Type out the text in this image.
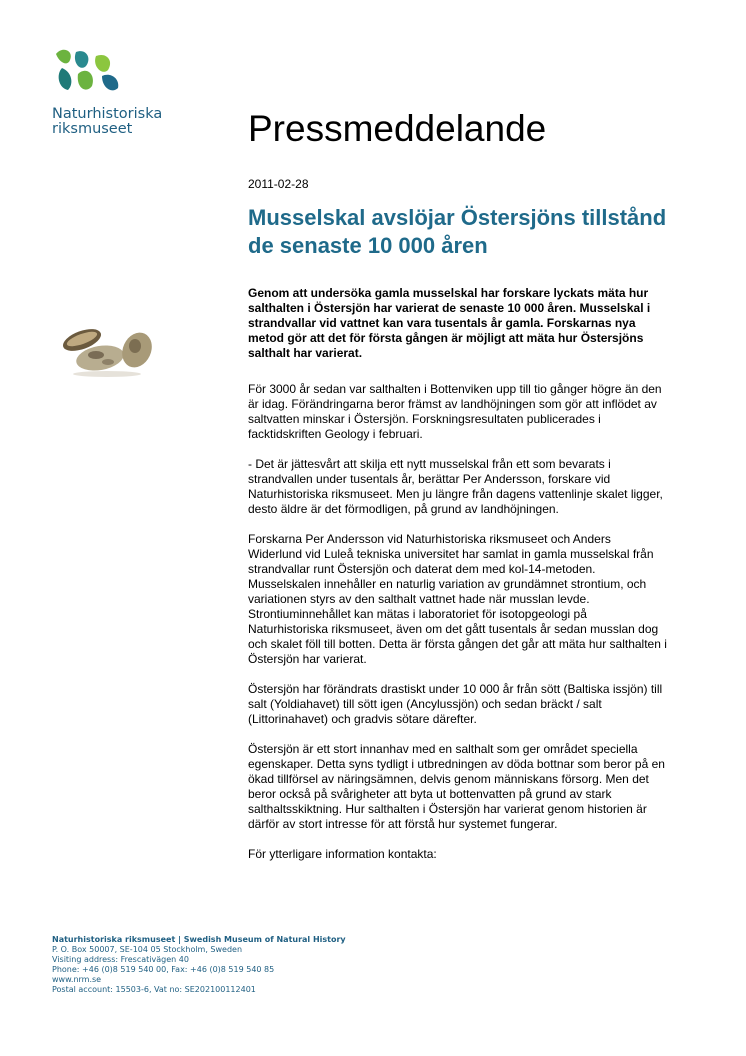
Naturhistoriska
riksmuseet	Pressmeddelande
2011-02-28
Musselskal avslöjar Östersjöns tillstånd de senaste 10 000 åren

Genom att undersöka gamla musselskal har forskare lyckats mäta hur salthalten i Östersjön har varierat de senaste 10 000 åren. Musselskal i strandvallar vid vattnet kan vara tusentals år gamla. Forskarnas nya metod gör att det för första gången är möjligt att mäta hur Östersjöns salthalt har varierat.

För 3000 år sedan var salthalten i Bottenviken upp till tio gånger högre än den är idag. Förändringarna beror främst av landhöjningen som gör att inflödet av saltvatten minskar i Östersjön. Forskningsresultaten publicerades i facktidskriften Geology i februari.

- Det är jättesvårt att skilja ett nytt musselskal från ett som bevarats i strandvallen under tusentals år, berättar Per Andersson, forskare vid Naturhistoriska riksmuseet. Men ju längre från dagens vattenlinje skalet ligger, desto äldre är det förmodligen, på grund av landhöjningen.

Forskarna Per Andersson vid Naturhistoriska riksmuseet och Anders Widerlund vid Luleå tekniska universitet har samlat in gamla musselskal från strandvallar runt Östersjön och daterat dem med kol-14-metoden. Musselskalen innehåller en naturlig variation av grundämnet strontium, och variationen styrs av den salthalt vattnet hade när musslan levde. Strontiuminnehållet kan mätas i laboratoriet för isotopgeologi på Naturhistoriska riksmuseet, även om det gått tusentals år sedan musslan dog och skalet föll till botten. Detta är första gången det går att mäta hur salthalten i Östersjön har varierat.

Östersjön har förändrats drastiskt under 10 000 år från sött (Baltiska issjön) till salt (Yoldiahavet) till sött igen (Ancylussjön) och sedan bräckt / salt (Littorinahavet) och gradvis sötare därefter.

Östersjön är ett stort innanhav med en salthalt som ger området speciella egenskaper. Detta syns tydligt i utbredningen av döda bottnar som beror på en ökad tillförsel av näringsämnen, delvis genom människans försorg. Men det beror också på svårigheter att byta ut bottenvatten på grund av stark salthaltsskiktning. Hur salthalten i Östersjön har varierat genom historien är därför av stort intresse för att förstå hur systemet fungerar.

För ytterligare information kontakta:

Naturhistoriska riksmuseet | Swedish Museum of Natural History
P. O. Box 50007, SE-104 05 Stockholm, Sweden
Visiting address: Frescativägen 40
Phone: +46 (0)8 519 540 00, Fax: +46 (0)8 519 540 85
www.nrm.se
Postal account: 15503-6, Vat no: SE202100112401
